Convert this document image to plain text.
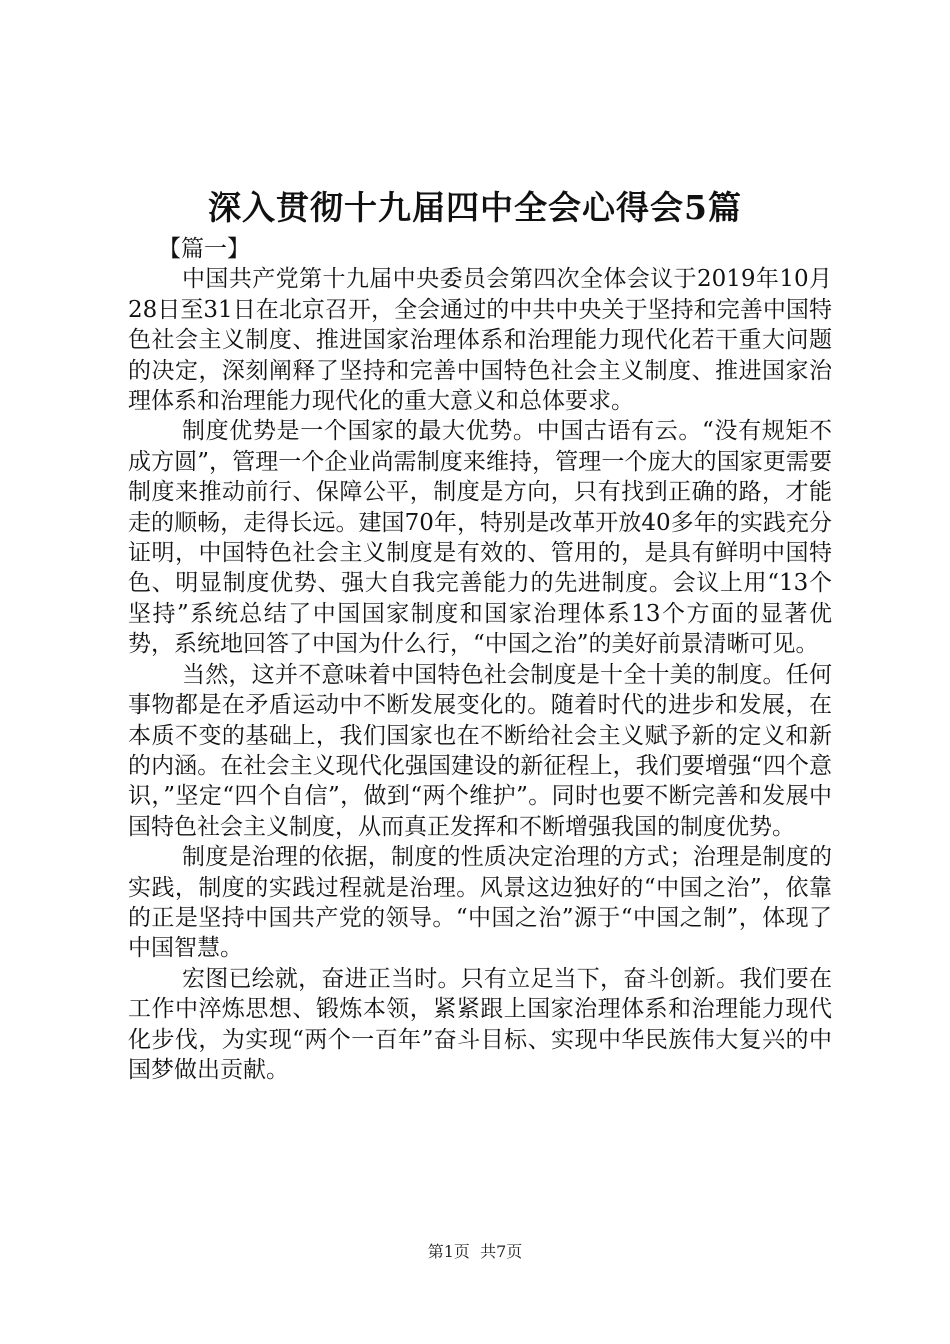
深入贯彻十九届四中全会心得会5篇

【篇一】

中国共产党第十九届中央委员会第四次全体会议于2019年10月28日至31日在北京召开，全会通过的中共中央关于坚持和完善中国特色社会主义制度、推进国家治理体系和治理能力现代化若干重大问题的决定，深刻阐释了坚持和完善中国特色社会主义制度、推进国家治理体系和治理能力现代化的重大意义和总体要求。

制度优势是一个国家的最大优势。中国古语有云。“没有规矩不成方圆”，管理一个企业尚需制度来维持，管理一个庞大的国家更需要制度来推动前行、保障公平，制度是方向，只有找到正确的路，才能走的顺畅，走得长远。建国70年，特别是改革开放40多年的实践充分证明，中国特色社会主义制度是有效的、管用的，是具有鲜明中国特色、明显制度优势、强大自我完善能力的先进制度。会议上用“13个坚持”系统总结了中国国家制度和国家治理体系13个方面的显著优势，系统地回答了中国为什么行，“中国之治”的美好前景清晰可见。

当然，这并不意味着中国特色社会制度是十全十美的制度。任何事物都是在矛盾运动中不断发展变化的。随着时代的进步和发展，在本质不变的基础上，我们国家也在不断给社会主义赋予新的定义和新的内涵。在社会主义现代化强国建设的新征程上，我们要增强“四个意识，”坚定“四个自信”，做到“两个维护”。同时也要不断完善和发展中国特色社会主义制度，从而真正发挥和不断增强我国的制度优势。

制度是治理的依据，制度的性质决定治理的方式；治理是制度的实践，制度的实践过程就是治理。风景这边独好的“中国之治”，依靠的正是坚持中国共产党的领导。“中国之治”源于“中国之制”，体现了中国智慧。

宏图已绘就，奋进正当时。只有立足当下，奋斗创新。我们要在工作中淬炼思想、锻炼本领，紧紧跟上国家治理体系和治理能力现代化步伐，为实现“两个一百年”奋斗目标、实现中华民族伟大复兴的中国梦做出贡献。

第1页  共7页
